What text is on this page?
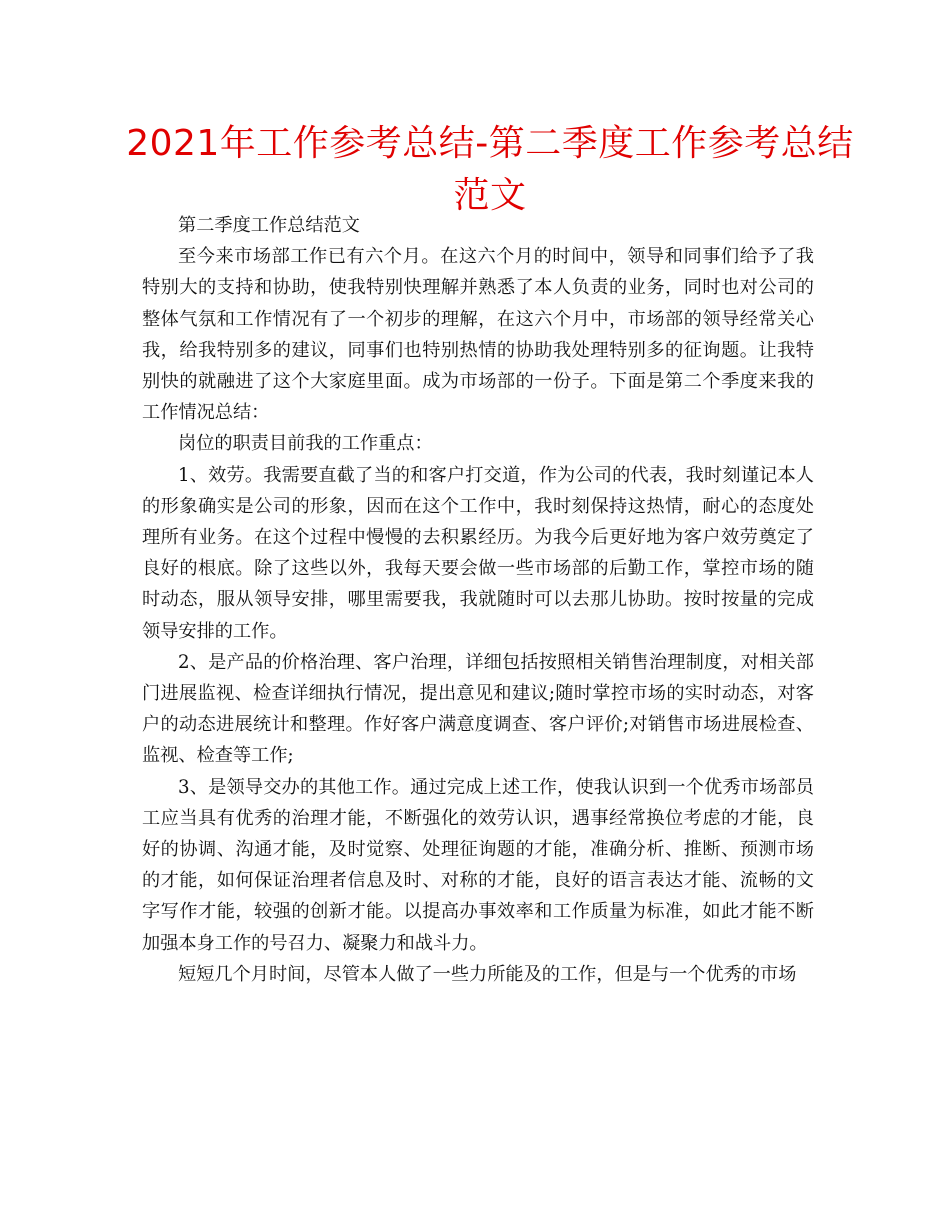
2021年工作参考总结-第二季度工作参考总结范文

第二季度工作总结范文

至今来市场部工作已有六个月。在这六个月的时间中，领导和同事们给予了我特别大的支持和协助，使我特别快理解并熟悉了本人负责的业务，同时也对公司的整体气氛和工作情况有了一个初步的理解，在这六个月中，市场部的领导经常关心我，给我特别多的建议，同事们也特别热情的协助我处理特别多的征询题。让我特别快的就融进了这个大家庭里面。成为市场部的一份子。下面是第二个季度来我的工作情况总结：

岗位的职责目前我的工作重点：

1、效劳。我需要直截了当的和客户打交道，作为公司的代表，我时刻谨记本人的形象确实是公司的形象，因而在这个工作中，我时刻保持这热情，耐心的态度处理所有业务。在这个过程中慢慢的去积累经历。为我今后更好地为客户效劳奠定了良好的根底。除了这些以外，我每天要会做一些市场部的后勤工作，掌控市场的随时动态，服从领导安排，哪里需要我，我就随时可以去那儿协助。按时按量的完成领导安排的工作。

2、是产品的价格治理、客户治理，详细包括按照相关销售治理制度，对相关部门进展监视、检查详细执行情况，提出意见和建议;随时掌控市场的实时动态，对客户的动态进展统计和整理。作好客户满意度调查、客户评价;对销售市场进展检查、监视、检查等工作;

3、是领导交办的其他工作。通过完成上述工作，使我认识到一个优秀市场部员工应当具有优秀的治理才能，不断强化的效劳认识，遇事经常换位考虑的才能，良好的协调、沟通才能，及时觉察、处理征询题的才能，准确分析、推断、预测市场的才能，如何保证治理者信息及时、对称的才能，良好的语言表达才能、流畅的文字写作才能，较强的创新才能。以提高办事效率和工作质量为标准，如此才能不断加强本身工作的号召力、凝聚力和战斗力。

短短几个月时间，尽管本人做了一些力所能及的工作，但是与一个优秀的市场
